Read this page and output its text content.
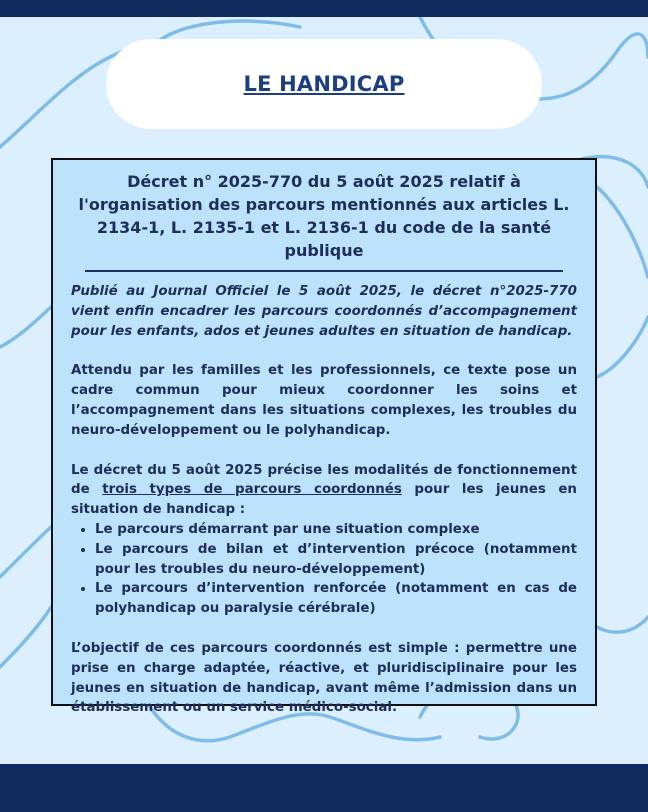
LE HANDICAP
Décret n° 2025-770 du 5 août 2025 relatif à l'organisation des parcours mentionnés aux articles L. 2134-1, L. 2135-1 et L. 2136-1 du code de la santé publique

Publié au Journal Officiel le 5 août 2025, le décret n°2025-770 vient enfin encadrer les parcours coordonnés d’accompagnement pour les enfants, ados et jeunes adultes en situation de handicap.

Attendu par les familles et les professionnels, ce texte pose un cadre commun pour mieux coordonner les soins et l’accompagnement dans les situations complexes, les troubles du neuro-développement ou le polyhandicap.

Le décret du 5 août 2025 précise les modalités de fonctionnement de trois types de parcours coordonnés pour les jeunes en situation de handicap :

• Le parcours démarrant par une situation complexe
• Le parcours de bilan et d’intervention précoce (notamment pour les troubles du neuro-développement)
• Le parcours d’intervention renforcée (notamment en cas de polyhandicap ou paralysie cérébrale)

L’objectif de ces parcours coordonnés est simple : permettre une prise en charge adaptée, réactive, et pluridisciplinaire pour les jeunes en situation de handicap, avant même l’admission dans un établissement ou un service médico-social.
